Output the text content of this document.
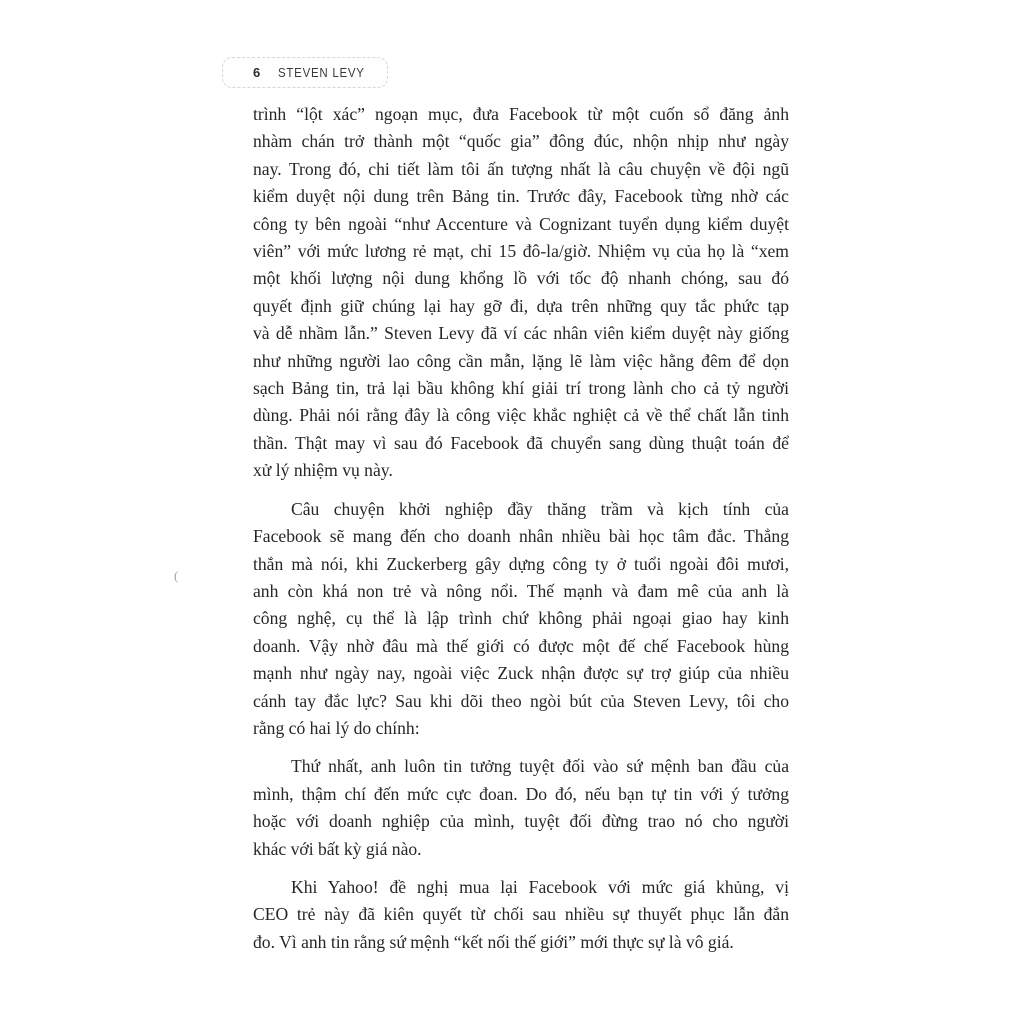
6 STEVEN LEVY
(
trình “lột xác” ngoạn mục, đưa Facebook từ một cuốn sổ đăng ảnh
nhàm chán trở thành một “quốc gia” đông đúc, nhộn nhịp như ngày
nay. Trong đó, chi tiết làm tôi ấn tượng nhất là câu chuyện về đội ngũ
kiểm duyệt nội dung trên Bảng tin. Trước đây, Facebook từng nhờ các
công ty bên ngoài “như Accenture và Cognizant tuyển dụng kiểm duyệt
viên” với mức lương rẻ mạt, chỉ 15 đô-la/giờ. Nhiệm vụ của họ là “xem
một khối lượng nội dung khổng lồ với tốc độ nhanh chóng, sau đó
quyết định giữ chúng lại hay gỡ đi, dựa trên những quy tắc phức tạp
và dễ nhầm lẫn.” Steven Levy đã ví các nhân viên kiểm duyệt này giống
như những người lao công cần mẫn, lặng lẽ làm việc hằng đêm để dọn
sạch Bảng tin, trả lại bầu không khí giải trí trong lành cho cả tỷ người
dùng. Phải nói rằng đây là công việc khắc nghiệt cả về thể chất lẫn tinh
thần. Thật may vì sau đó Facebook đã chuyển sang dùng thuật toán để
xử lý nhiệm vụ này.
Câu chuyện khởi nghiệp đầy thăng trầm và kịch tính của
Facebook sẽ mang đến cho doanh nhân nhiều bài học tâm đắc. Thẳng
thắn mà nói, khi Zuckerberg gây dựng công ty ở tuổi ngoài đôi mươi,
anh còn khá non trẻ và nông nổi. Thế mạnh và đam mê của anh là
công nghệ, cụ thể là lập trình chứ không phải ngoại giao hay kinh
doanh. Vậy nhờ đâu mà thế giới có được một đế chế Facebook hùng
mạnh như ngày nay, ngoài việc Zuck nhận được sự trợ giúp của nhiều
cánh tay đắc lực? Sau khi dõi theo ngòi bút của Steven Levy, tôi cho
rằng có hai lý do chính:
Thứ nhất, anh luôn tin tưởng tuyệt đối vào sứ mệnh ban đầu của
mình, thậm chí đến mức cực đoan. Do đó, nếu bạn tự tin với ý tưởng
hoặc với doanh nghiệp của mình, tuyệt đối đừng trao nó cho người
khác với bất kỳ giá nào.
Khi Yahoo! đề nghị mua lại Facebook với mức giá khủng, vị
CEO trẻ này đã kiên quyết từ chối sau nhiều sự thuyết phục lẫn đắn
đo. Vì anh tin rằng sứ mệnh “kết nối thế giới” mới thực sự là vô giá.
